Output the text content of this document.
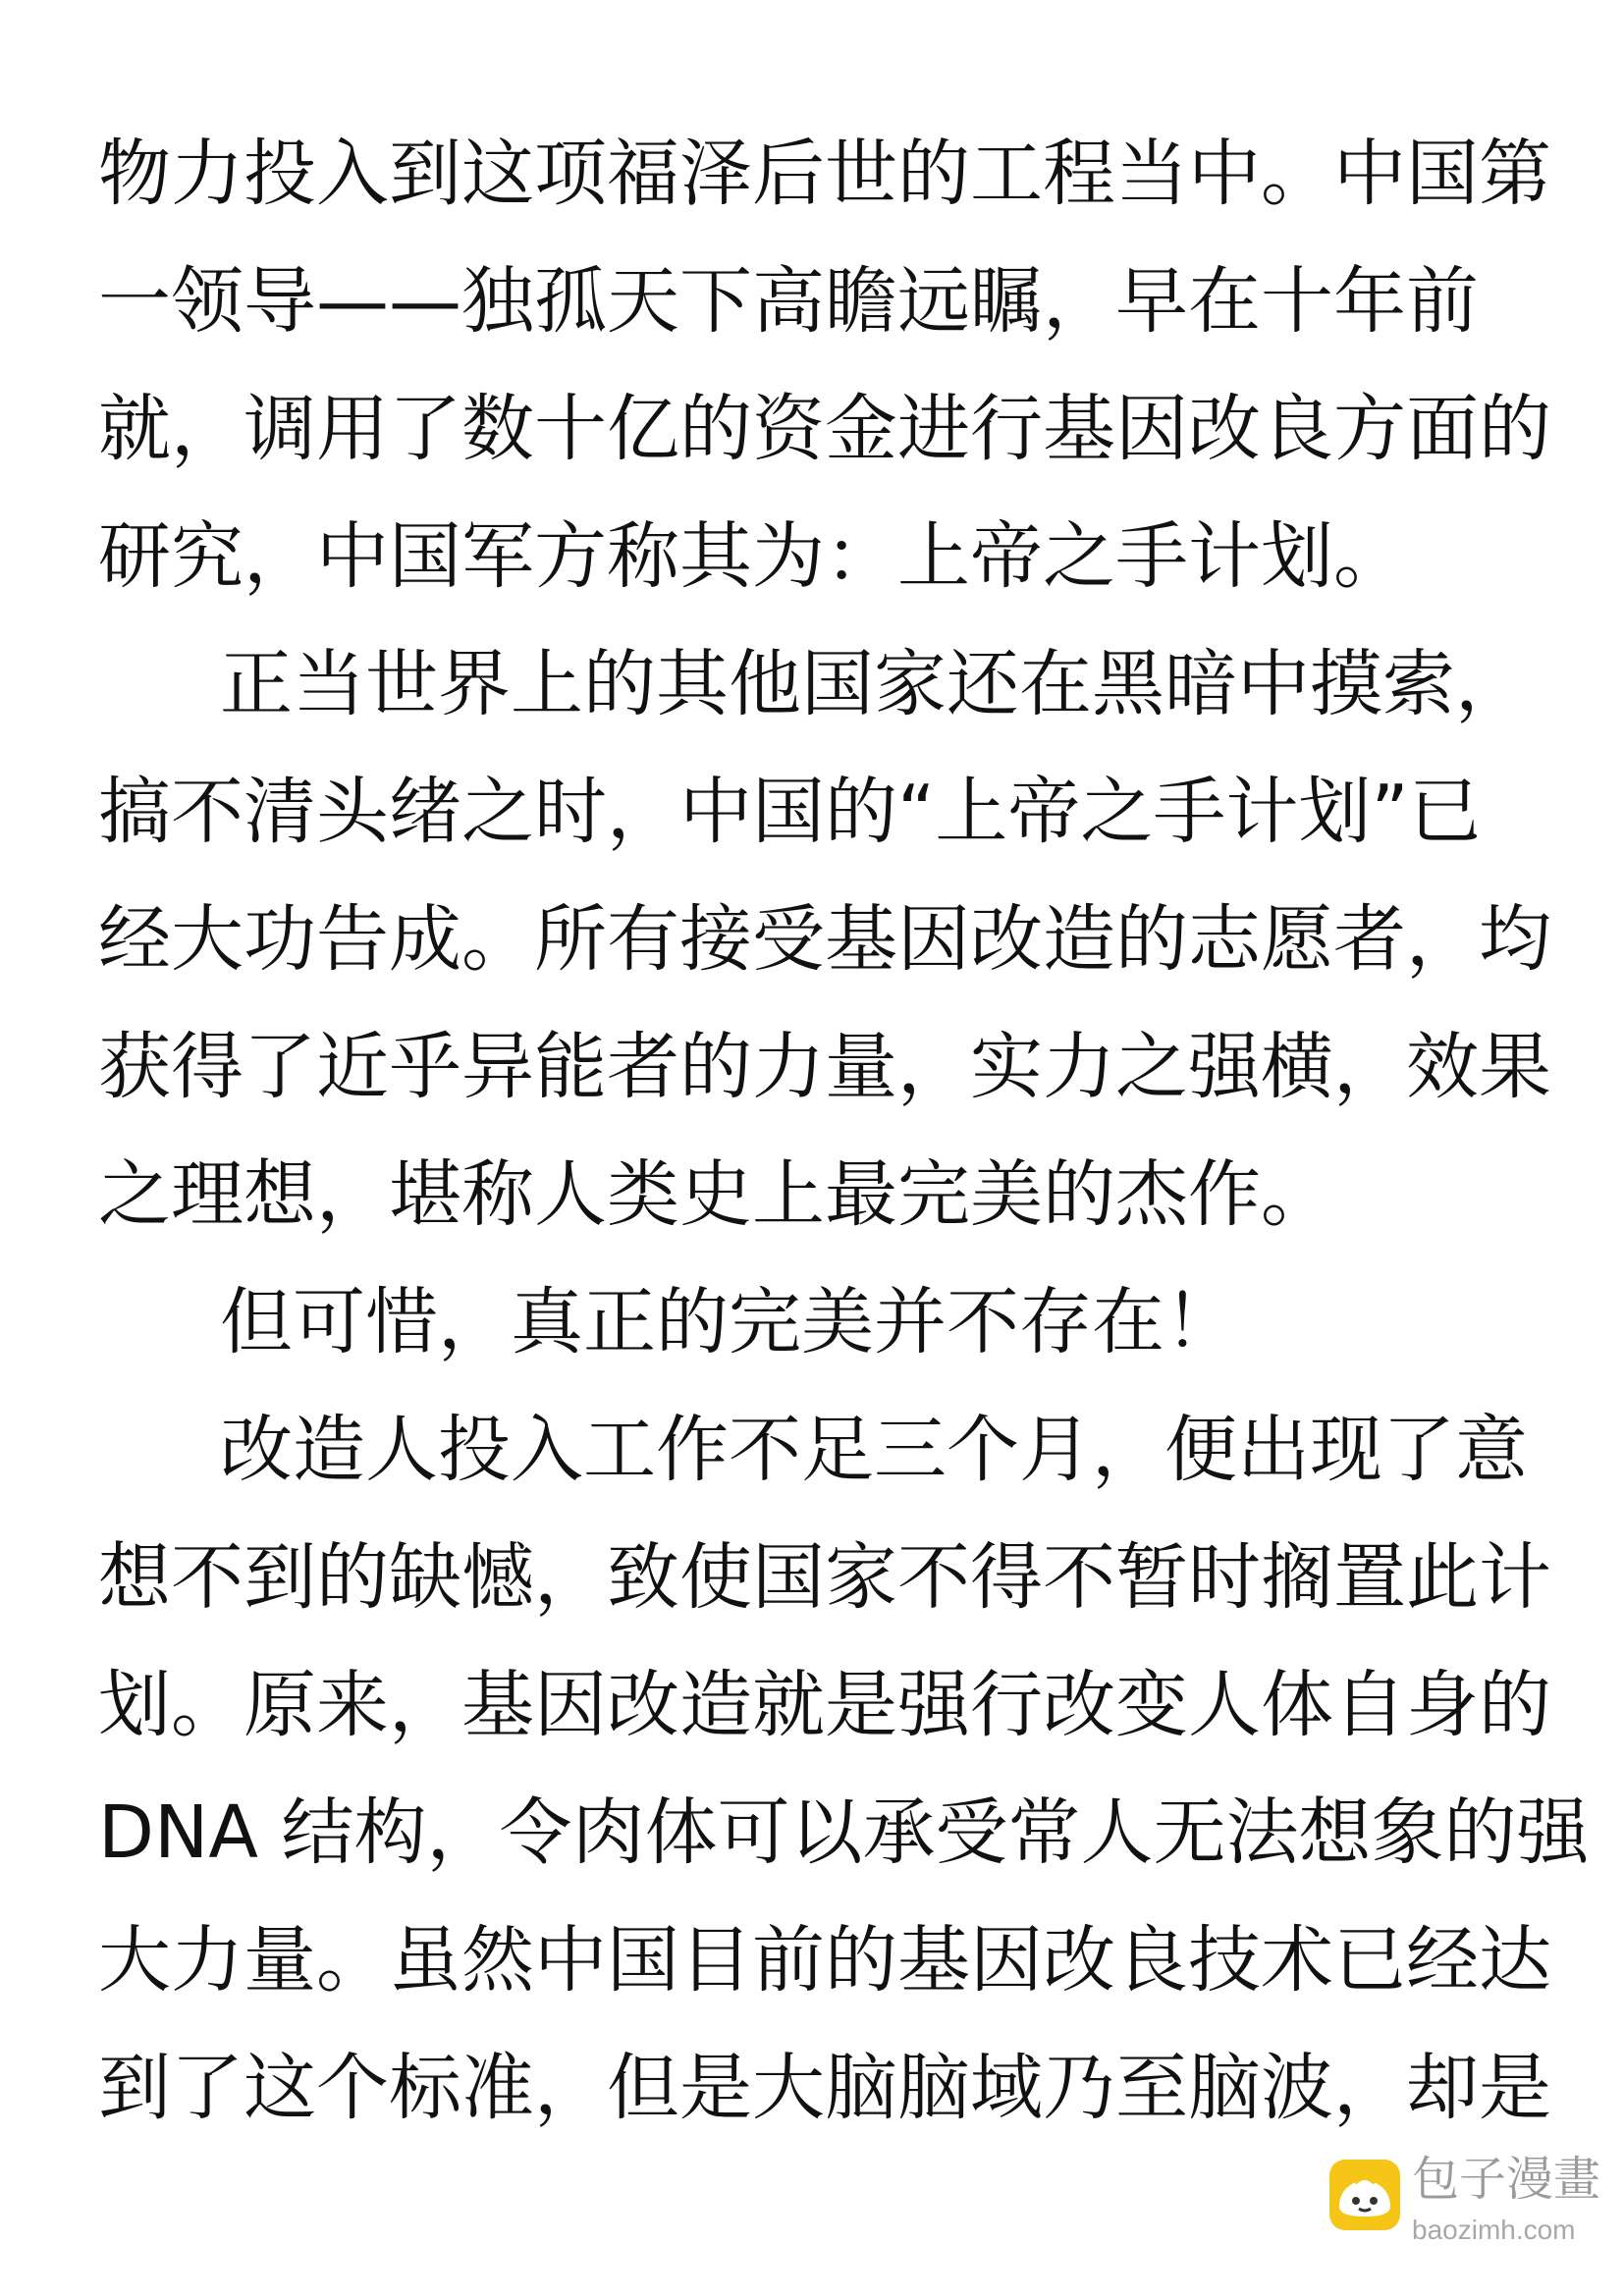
物力投入到这项福泽后世的工程当中。中国第
一领导——独孤天下高瞻远瞩，早在十年前
就，调用了数十亿的资金进行基因改良方面的
研究，中国军方称其为：上帝之手计划。
正当世界上的其他国家还在黑暗中摸索，
搞不清头绪之时，中国的“上帝之手计划”已
经大功告成。所有接受基因改造的志愿者，均
获得了近乎异能者的力量，实力之强横，效果
之理想，堪称人类史上最完美的杰作。
但可惜，真正的完美并不存在！
改造人投入工作不足三个月，便出现了意
想不到的缺憾，致使国家不得不暂时搁置此计
划。原来，基因改造就是强行改变人体自身的
DNA 结构，令肉体可以承受常人无法想象的强
大力量。虽然中国目前的基因改良技术已经达
到了这个标准，但是大脑脑域乃至脑波，却是
包子漫畫
baozimh.com
